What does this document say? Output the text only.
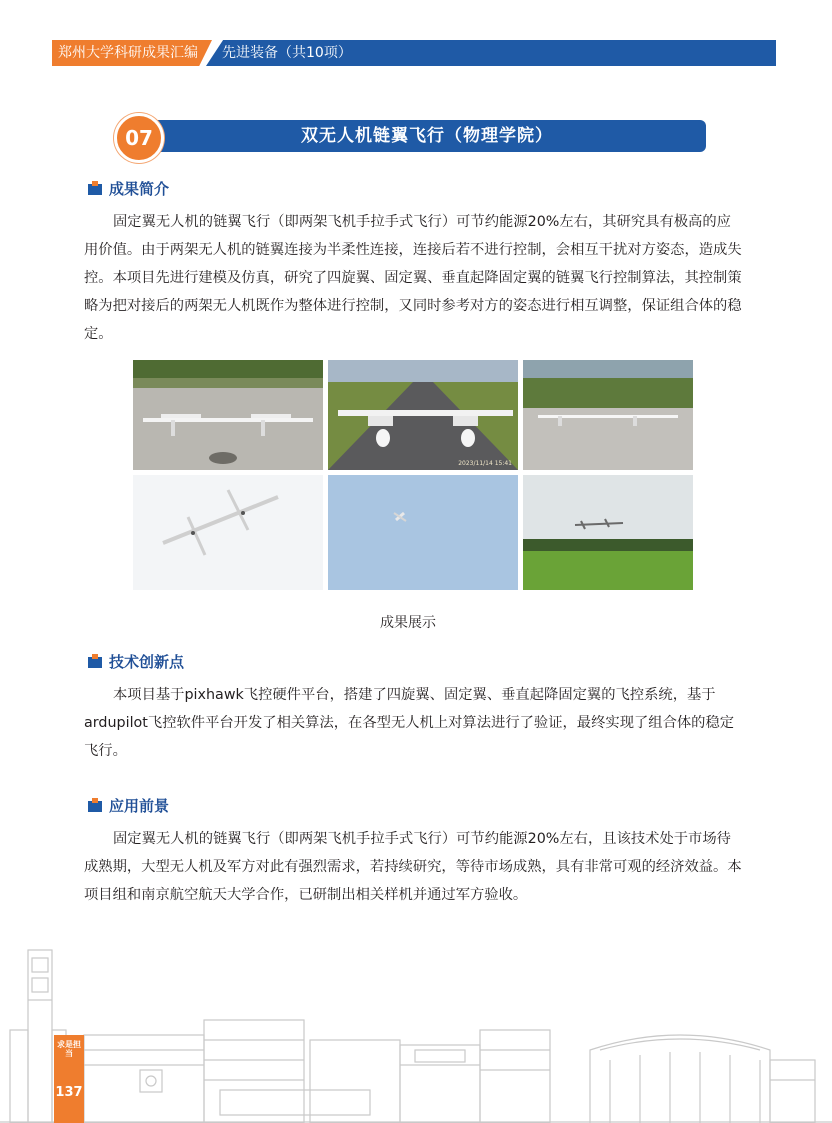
郑州大学科研成果汇编 先进装备（共10项）
双无人机链翼飞行（物理学院）
07
成果简介

固定翼无人机的链翼飞行（即两架飞机手拉手式飞行）可节约能源20%左右，其研究具有极高的应用价值。由于两架无人机的链翼连接为半柔性连接，连接后若不进行控制，会相互干扰对方姿态，造成失控。本项目先进行建模及仿真，研究了四旋翼、固定翼、垂直起降固定翼的链翼飞行控制算法，其控制策略为把对接后的两架无人机既作为整体进行控制，又同时参考对方的姿态进行相互调整，保证组合体的稳定。

2023/11/14 15:41
成果展示
技术创新点

本项目基于pixhawk飞控硬件平台，搭建了四旋翼、固定翼、垂直起降固定翼的飞控系统，基于ardupilot飞控软件平台开发了相关算法，在各型无人机上对算法进行了验证，最终实现了组合体的稳定飞行。

应用前景

固定翼无人机的链翼飞行（即两架飞机手拉手式飞行）可节约能源20%左右，且该技术处于市场待成熟期，大型无人机及军方对此有强烈需求，若持续研究，等待市场成熟，具有非常可观的经济效益。本项目组和南京航空航天大学合作，已研制出相关样机并通过军方验收。

求是担当
137
